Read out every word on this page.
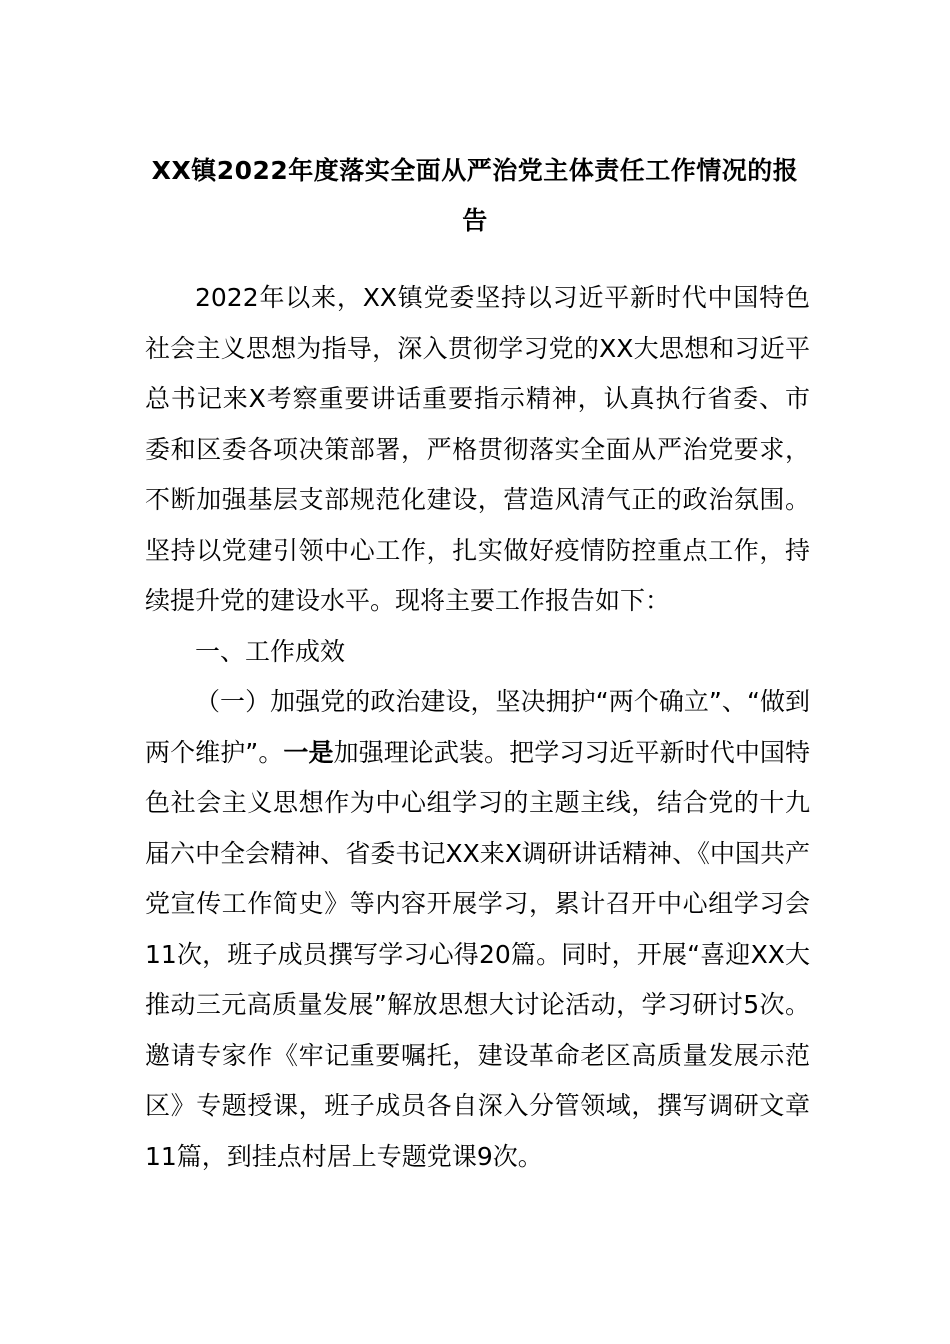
XX镇2022年度落实全面从严治党主体责任工作情况的报告

2022年以来，XX镇党委坚持以习近平新时代中国特色社会主义思想为指导，深入贯彻学习党的XX大思想和习近平总书记来X考察重要讲话重要指示精神，认真执行省委、市委和区委各项决策部署，严格贯彻落实全面从严治党要求，不断加强基层支部规范化建设，营造风清气正的政治氛围。坚持以党建引领中心工作，扎实做好疫情防控重点工作，持续提升党的建设水平。现将主要工作报告如下：

一、工作成效

（一）加强党的政治建设，坚决拥护“两个确立”、“做到两个维护”。一是加强理论武装。把学习习近平新时代中国特色社会主义思想作为中心组学习的主题主线，结合党的十九届六中全会精神、省委书记XX来X调研讲话精神、《中国共产党宣传工作简史》等内容开展学习，累计召开中心组学习会11次，班子成员撰写学习心得20篇。同时，开展“喜迎XX大推动三元高质量发展”解放思想大讨论活动，学习研讨5次。邀请专家作《牢记重要嘱托，建设革命老区高质量发展示范区》专题授课，班子成员各自深入分管领域，撰写调研文章11篇，到挂点村居上专题党课9次。
